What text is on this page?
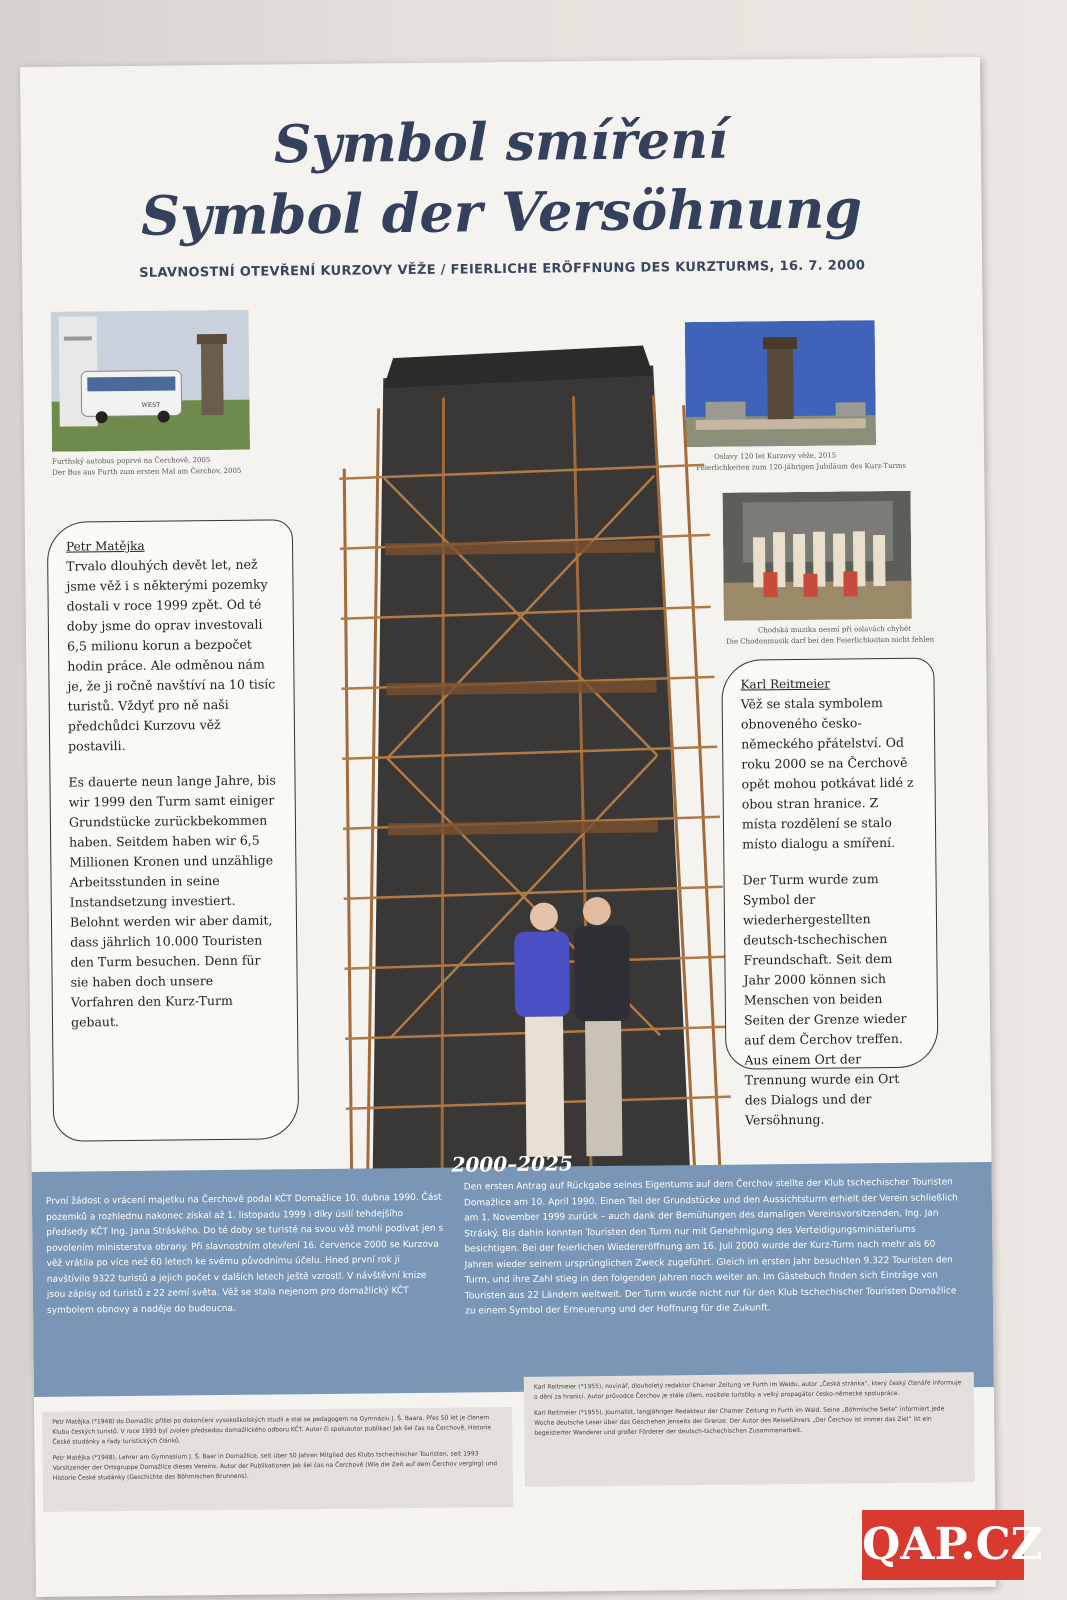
Symbol smíření
Symbol der Versöhnung
SLAVNOSTNÍ OTEVŘENÍ KURZOVY VĚŽE / FEIERLICHE ERÖFFNUNG DES KURZTURMS, 16. 7. 2000
WEST
Furthský autobus poprvé na Čerchově, 2005
Der Bus aus Furth zum ersten Mal am Čerchov, 2005
Oslavy 120 let Kurzovy věže, 2015
Feierlichkeiten zum 120-jährigen Jubiläum des Kurz-Turms
Chodská muzika nesmí při oslavách chybět
Die Chodenmusik darf bei den Feierlichkeiten nicht fehlen
Petr Matějka
Trvalo dlouhých devět let, než jsme věž i s některými pozemky dostali v roce 1999 zpět. Od té doby jsme do oprav investovali 6,5 milionu korun a bezpočet hodin práce. Ale odměnou nám je, že ji ročně navštíví na 10 tisíc turistů. Vždyť pro ně naši předchůdci Kurzovu věž postavili.
Es dauerte neun lange Jahre, bis wir 1999 den Turm samt einiger Grundstücke zurückbekommen haben. Seitdem haben wir 6,5 Millionen Kronen und unzählige Arbeitsstunden in seine Instandsetzung investiert. Belohnt werden wir aber damit, dass jährlich 10.000 Touristen den Turm besuchen. Denn für sie haben doch unsere Vorfahren den Kurz-Turm gebaut.
Karl Reitmeier
Věž se stala symbolem obnoveného česko-německého přátelství. Od roku 2000 se na Čerchově opět mohou potkávat lidé z obou stran hranice. Z místa rozdělení se stalo místo dialogu a smíření.
Der Turm wurde zum Symbol der wiederhergestellten deutsch-tschechischen Freundschaft. Seit dem Jahr 2000 können sich Menschen von beiden Seiten der Grenze wieder auf dem Čerchov treffen. Aus einem Ort der Trennung wurde ein Ort des Dialogs und der Versöhnung.
2000–2025
První žádost o vrácení majetku na Čerchově podal KČT Domažlice 10. dubna 1990. Část pozemků a rozhlednu nakonec získal až 1. listopadu 1999 i díky úsilí tehdejšího předsedy KČT Ing. Jana Stráského. Do té doby se turisté na svou věž mohli podívat jen s povolením ministerstva obrany. Při slavnostním otevření 16. července 2000 se Kurzova věž vrátila po více než 60 letech ke svému původnímu účelu. Hned první rok ji navštívilo 9322 turistů a jejich počet v dalších letech ještě vzrostl. V návštěvní knize jsou zápisy od turistů z 22 zemí světa. Věž se stala nejenom pro domažlický KČT symbolem obnovy a naděje do budoucna.
Den ersten Antrag auf Rückgabe seines Eigentums auf dem Čerchov stellte der Klub tschechischer Touristen Domažlice am 10. April 1990. Einen Teil der Grundstücke und den Aussichtsturm erhielt der Verein schließlich am 1. November 1999 zurück – auch dank der Bemühungen des damaligen Vereinsvorsitzenden, Ing. Jan Stráský. Bis dahin konnten Touristen den Turm nur mit Genehmigung des Verteidigungsministeriums besichtigen. Bei der feierlichen Wiedereröffnung am 16. Juli 2000 wurde der Kurz-Turm nach mehr als 60 Jahren wieder seinem ursprünglichen Zweck zugeführt. Gleich im ersten Jahr besuchten 9.322 Touristen den Turm, und ihre Zahl stieg in den folgenden Jahren noch weiter an. Im Gästebuch finden sich Einträge von Touristen aus 22 Ländern weltweit. Der Turm wurde nicht nur für den Klub tschechischer Touristen Domažlice zu einem Symbol der Erneuerung und der Hoffnung für die Zukunft.
Petr Matějka (*1948) do Domažlic přišel po dokončení vysokoškolských studií a stal se pedagogem na Gymnáziu J. Š. Baara. Přes 50 let je členem Klubu českých turistů. V roce 1993 byl zvolen předsedou domažlického odboru KČT. Autor či spoluautor publikací Jak šel čas na Čerchově, Historie České studánky a řady turistických článků.
Petr Matějka (*1948), Lehrer am Gymnasium J. Š. Baar in Domažlice, seit über 50 Jahren Mitglied des Klubs tschechischer Touristen, seit 1993 Vorsitzender der Ortsgruppe Domažlice dieses Vereins. Autor der Publikationen Jak šel čas na Čerchově (Wie die Zeit auf dem Čerchov verging) und Historie České studánky (Geschichte des Böhmischen Brunnens).
Karl Reitmeier (*1955), novinář, dlouholetý redaktor Chamer Zeitung ve Furth im Waldu, autor „Česká stránka“, který český čtenáře informuje o dění za hranicí. Autor průvodce Čerchov je stále cílem, nositele turistiky a velký propagátor česko-německé spolupráce.
Karl Reitmeier (*1955), Journalist, langjähriger Redakteur der Chamer Zeitung in Furth im Wald. Seine „Böhmische Seite“ informiert jede Woche deutsche Leser über das Geschehen jenseits der Grenze. Der Autor des Reiseführers „Der Čerchov ist immer das Ziel“ ist ein begeisterter Wanderer und großer Förderer der deutsch-tschechischen Zusammenarbeit.
QAP.CZ
